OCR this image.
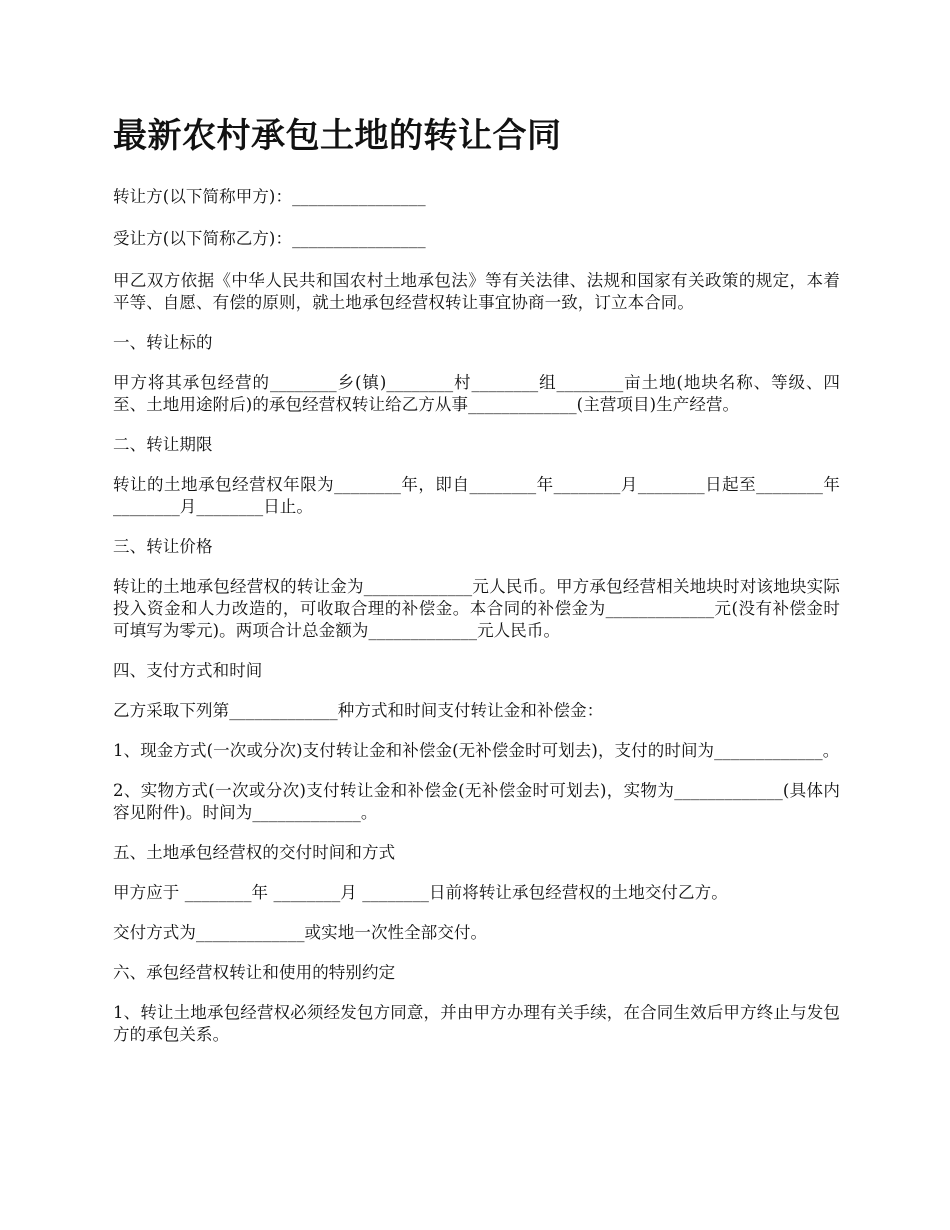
最新农村承包土地的转让合同

转让方(以下简称甲方)：________________

受让方(以下简称乙方)：________________

甲乙双方依据《中华人民共和国农村土地承包法》等有关法律、法规和国家有关政策的规定，本着平等、自愿、有偿的原则，就土地承包经营权转让事宜协商一致，订立本合同。

一、转让标的

甲方将其承包经营的________乡(镇)________村________组________亩土地(地块名称、等级、四至、土地用途附后)的承包经营权转让给乙方从事_____________(主营项目)生产经营。

二、转让期限

转让的土地承包经营权年限为________年，即自________年________月________日起至________年________月________日止。

三、转让价格

转让的土地承包经营权的转让金为_____________元人民币。甲方承包经营相关地块时对该地块实际投入资金和人力改造的，可收取合理的补偿金。本合同的补偿金为_____________元(没有补偿金时可填写为零元)。两项合计总金额为_____________元人民币。

四、支付方式和时间

乙方采取下列第_____________种方式和时间支付转让金和补偿金：

1、现金方式(一次或分次)支付转让金和补偿金(无补偿金时可划去)，支付的时间为_____________。

2、实物方式(一次或分次)支付转让金和补偿金(无补偿金时可划去)，实物为_____________(具体内容见附件)。时间为_____________。

五、土地承包经营权的交付时间和方式

甲方应于 ________年 ________月 ________日前将转让承包经营权的土地交付乙方。

交付方式为_____________或实地一次性全部交付。

六、承包经营权转让和使用的特别约定

1、转让土地承包经营权必须经发包方同意，并由甲方办理有关手续，在合同生效后甲方终止与发包方的承包关系。
